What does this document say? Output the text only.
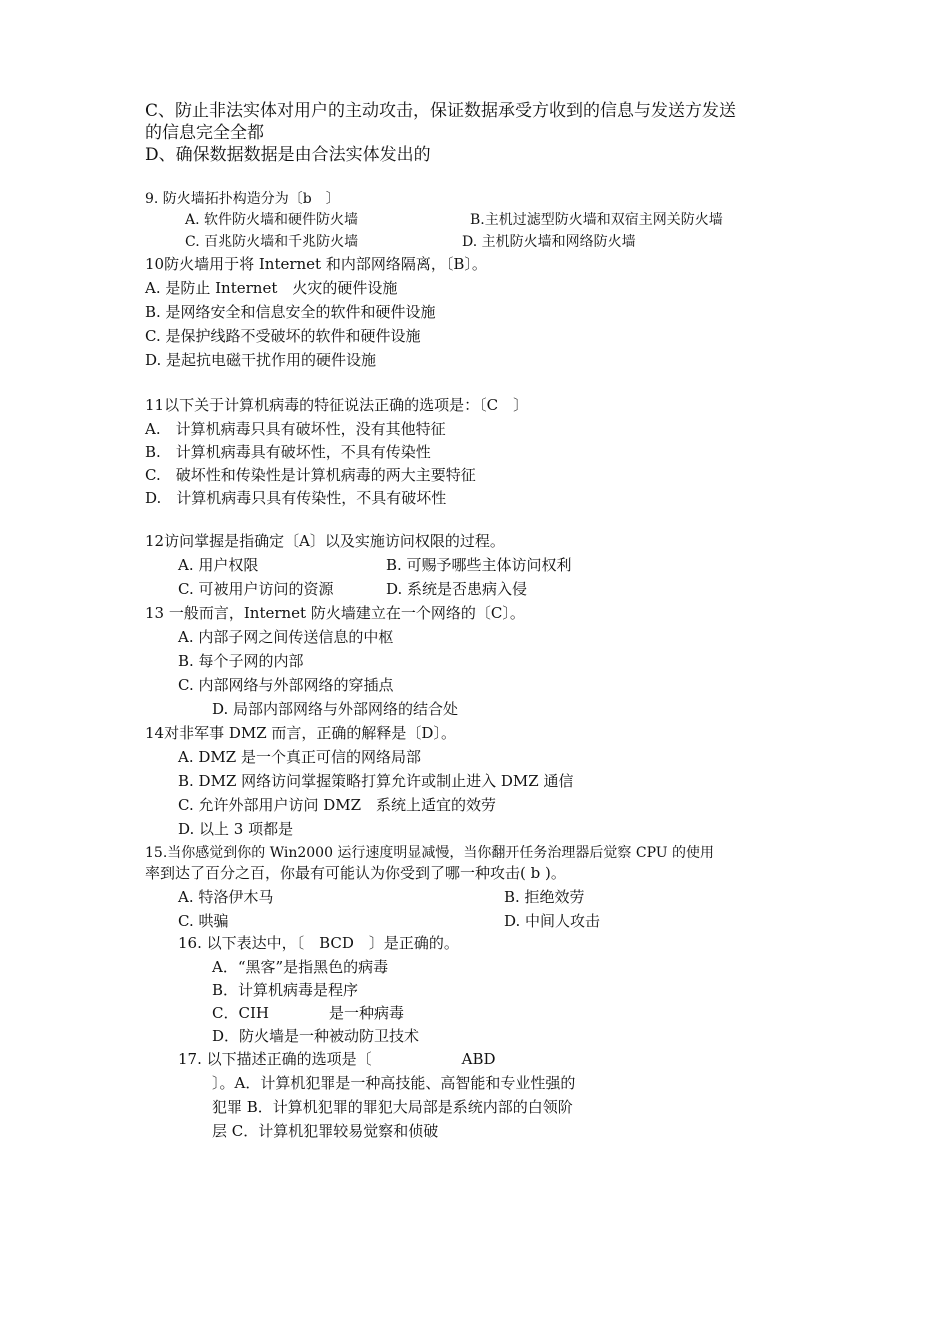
C、防止非法实体对用户的主动攻击，保证数据承受方收到的信息与发送方发送
的信息完全全都
D、确保数据数据是由合法实体发出的
9. 防火墙拓扑构造分为〔b　〕
A. 软件防火墙和硬件防火墙	B.主机过滤型防火墙和双宿主网关防火墙
C. 百兆防火墙和千兆防火墙	D. 主机防火墙和网络防火墙
10防火墙用于将 Internet 和内部网络隔离，〔B〕。
A. 是防止 Internet　火灾的硬件设施
B. 是网络安全和信息安全的软件和硬件设施
C. 是保护线路不受破坏的软件和硬件设施
D. 是起抗电磁干扰作用的硬件设施
11以下关于计算机病毒的特征说法正确的选项是：〔C　〕
A.　计算机病毒只具有破坏性，没有其他特征
B.　计算机病毒具有破坏性，不具有传染性
C.　破坏性和传染性是计算机病毒的两大主要特征
D.　计算机病毒只具有传染性，不具有破坏性
12访问掌握是指确定〔A〕以及实施访问权限的过程。
A. 用户权限	B. 可赐予哪些主体访问权利
C. 可被用户访问的资源	D. 系统是否患病入侵
13 一般而言，Internet 防火墙建立在一个网络的〔C〕。
A. 内部子网之间传送信息的中枢
B. 每个子网的内部
C. 内部网络与外部网络的穿插点
D. 局部内部网络与外部网络的结合处
14对非军事 DMZ 而言，正确的解释是〔D〕。
A. DMZ 是一个真正可信的网络局部
B. DMZ 网络访问掌握策略打算允许或制止进入 DMZ 通信
C. 允许外部用户访问 DMZ　系统上适宜的效劳
D. 以上 3 项都是
15.当你感觉到你的 Win2000 运行速度明显减慢，当你翻开任务治理器后觉察 CPU 的使用
率到达了百分之百，你最有可能认为你受到了哪一种攻击( b )。
A. 特洛伊木马	B. 拒绝效劳
C. 哄骗	D. 中间人攻击
16. 以下表达中，〔　BCD　〕是正确的。
A．“黑客”是指黑色的病毒
B．计算机病毒是程序
C．CIH　　　　是一种病毒
D．防火墙是一种被动防卫技术
17. 以下描述正确的选项是〔　　　　　　ABD
〕。A．计算机犯罪是一种高技能、高智能和专业性强的
犯罪 B．计算机犯罪的罪犯大局部是系统内部的白领阶
层 C．计算机犯罪较易觉察和侦破
